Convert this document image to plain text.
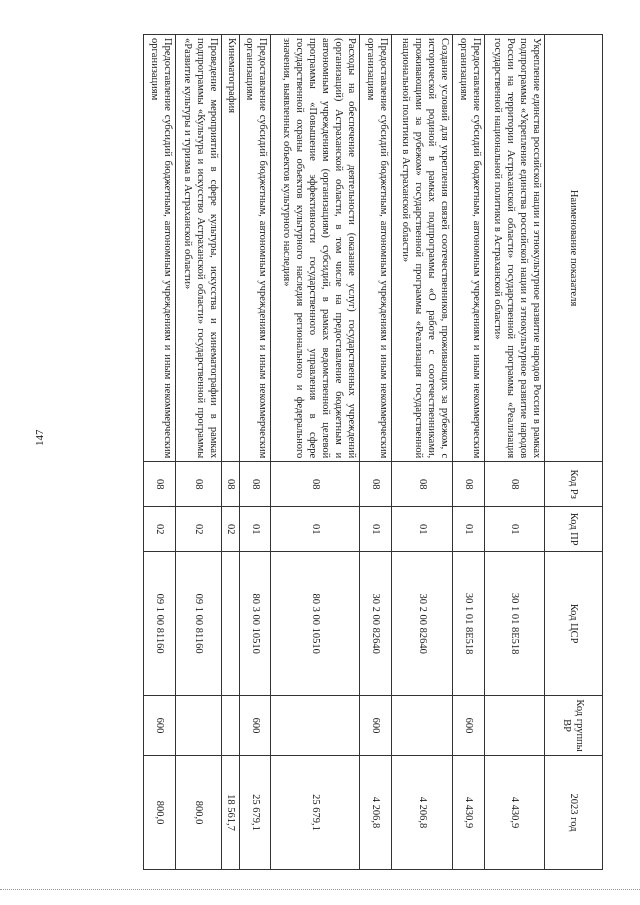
147
Наименование показателя	Код Рз	Код ПР	Код ЦСР	Код группы ВР	2023 год
Укрепление единства российской нации и этнокультурное развитие народов России в рамках подпрограммы «Укрепление единства российской нации и этнокультурное развитие народов России на территории Астраханской области» государственной программы «Реализация государственной национальной политики в Астраханской области»	08	01	30 1 01 8Е518		4 430,9
Предоставление субсидий бюджетным, автономным учреждениям и иным некоммерческим организациям	08	01	30 1 01 8Е518	600	4 430,9
Создание условий для укрепления связей соотечественников, проживающих за рубежом, с исторической родиной в рамках подпрограммы «О работе с соотечественниками, проживающими за рубежом» государственной программы «Реализация государственной национальной политики в Астраханской области»	08	01	30 2 00 82640		4 206,8
Предоставление субсидий бюджетным, автономным учреждениям и иным некоммерческим организациям	08	01	30 2 00 82640	600	4 206,8
Расходы на обеспечение деятельности (оказание услуг) государственных учреждений (организаций) Астраханской области, в том числе на предоставление бюджетным и автономным учреждениям (организациям) субсидий, в рамках ведомственной целевой программы «Повышение эффективности государственного управления в сфере государственной охраны объектов культурного наследия регионального и федерального значения, выявленных объектов культурного наследия»	08	01	80 3 00 10510		25 679,1
Предоставление субсидий бюджетным, автономным учреждениям и иным некоммерческим организациям	08	01	80 3 00 10510	600	25 679,1
Кинематография	08	02			18 561,7
Проведение мероприятий в сфере культуры, искусства и кинематографии в рамках подпрограммы «Культура и искусство Астраханской области» государственной программы «Развитие культуры и туризма в Астраханской области»	08	02	09 1 00 81160		800,0
Предоставление субсидий бюджетным, автономным учреждениям и иным некоммерческим организациям	08	02	09 1 00 81160	600	800,0
